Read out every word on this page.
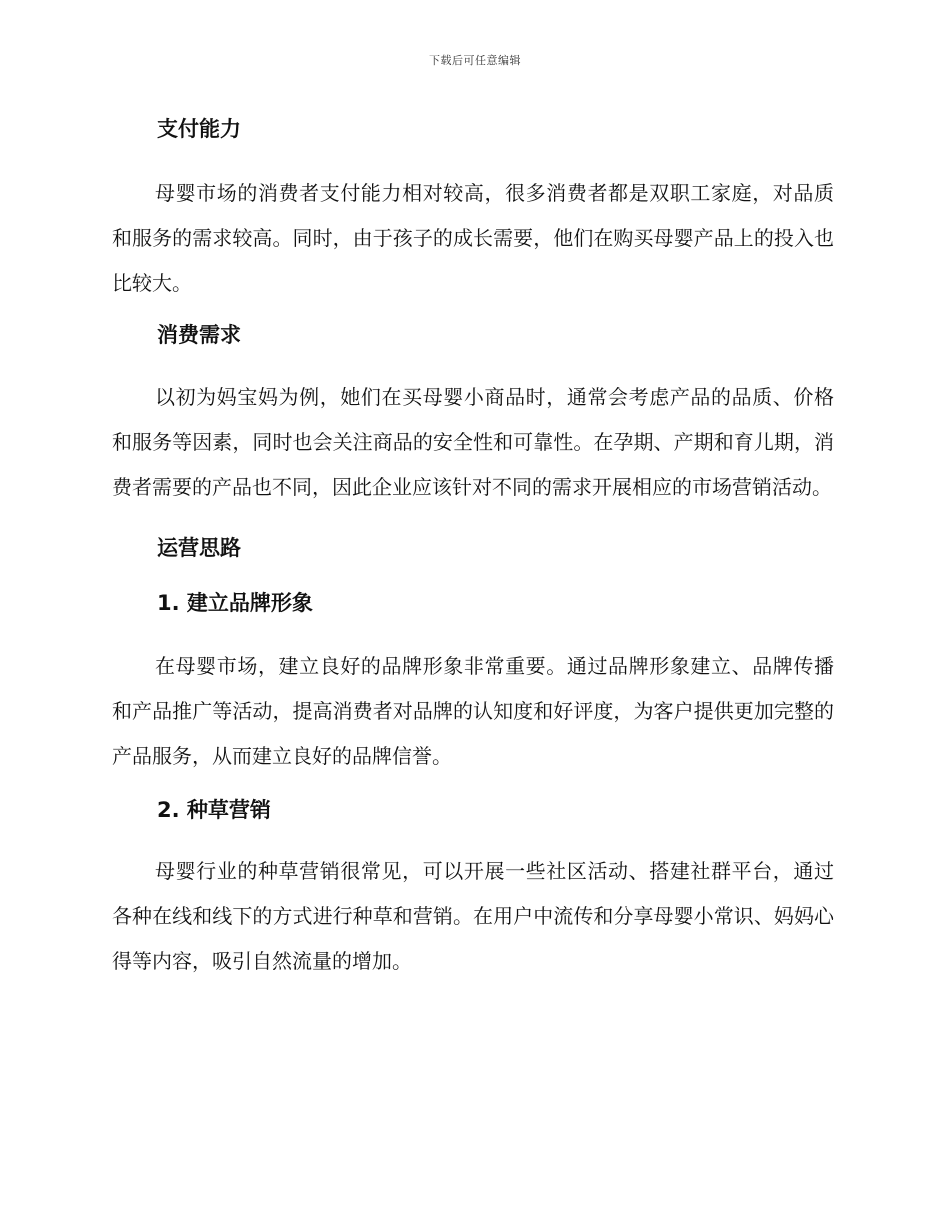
下载后可任意编辑
支付能力

母婴市场的消费者支付能力相对较高，很多消费者都是双职工家庭，对品质和服务的需求较高。同时，由于孩子的成长需要，他们在购买母婴产品上的投入也比较大。

消费需求

以初为妈宝妈为例，她们在买母婴小商品时，通常会考虑产品的品质、价格和服务等因素，同时也会关注商品的安全性和可靠性。在孕期、产期和育儿期，消费者需要的产品也不同，因此企业应该针对不同的需求开展相应的市场营销活动。

运营思路
1. 建立品牌形象

在母婴市场，建立良好的品牌形象非常重要。通过品牌形象建立、品牌传播和产品推广等活动，提高消费者对品牌的认知度和好评度，为客户提供更加完整的产品服务，从而建立良好的品牌信誉。

2. 种草营销

母婴行业的种草营销很常见，可以开展一些社区活动、搭建社群平台，通过各种在线和线下的方式进行种草和营销。在用户中流传和分享母婴小常识、妈妈心得等内容，吸引自然流量的增加。
